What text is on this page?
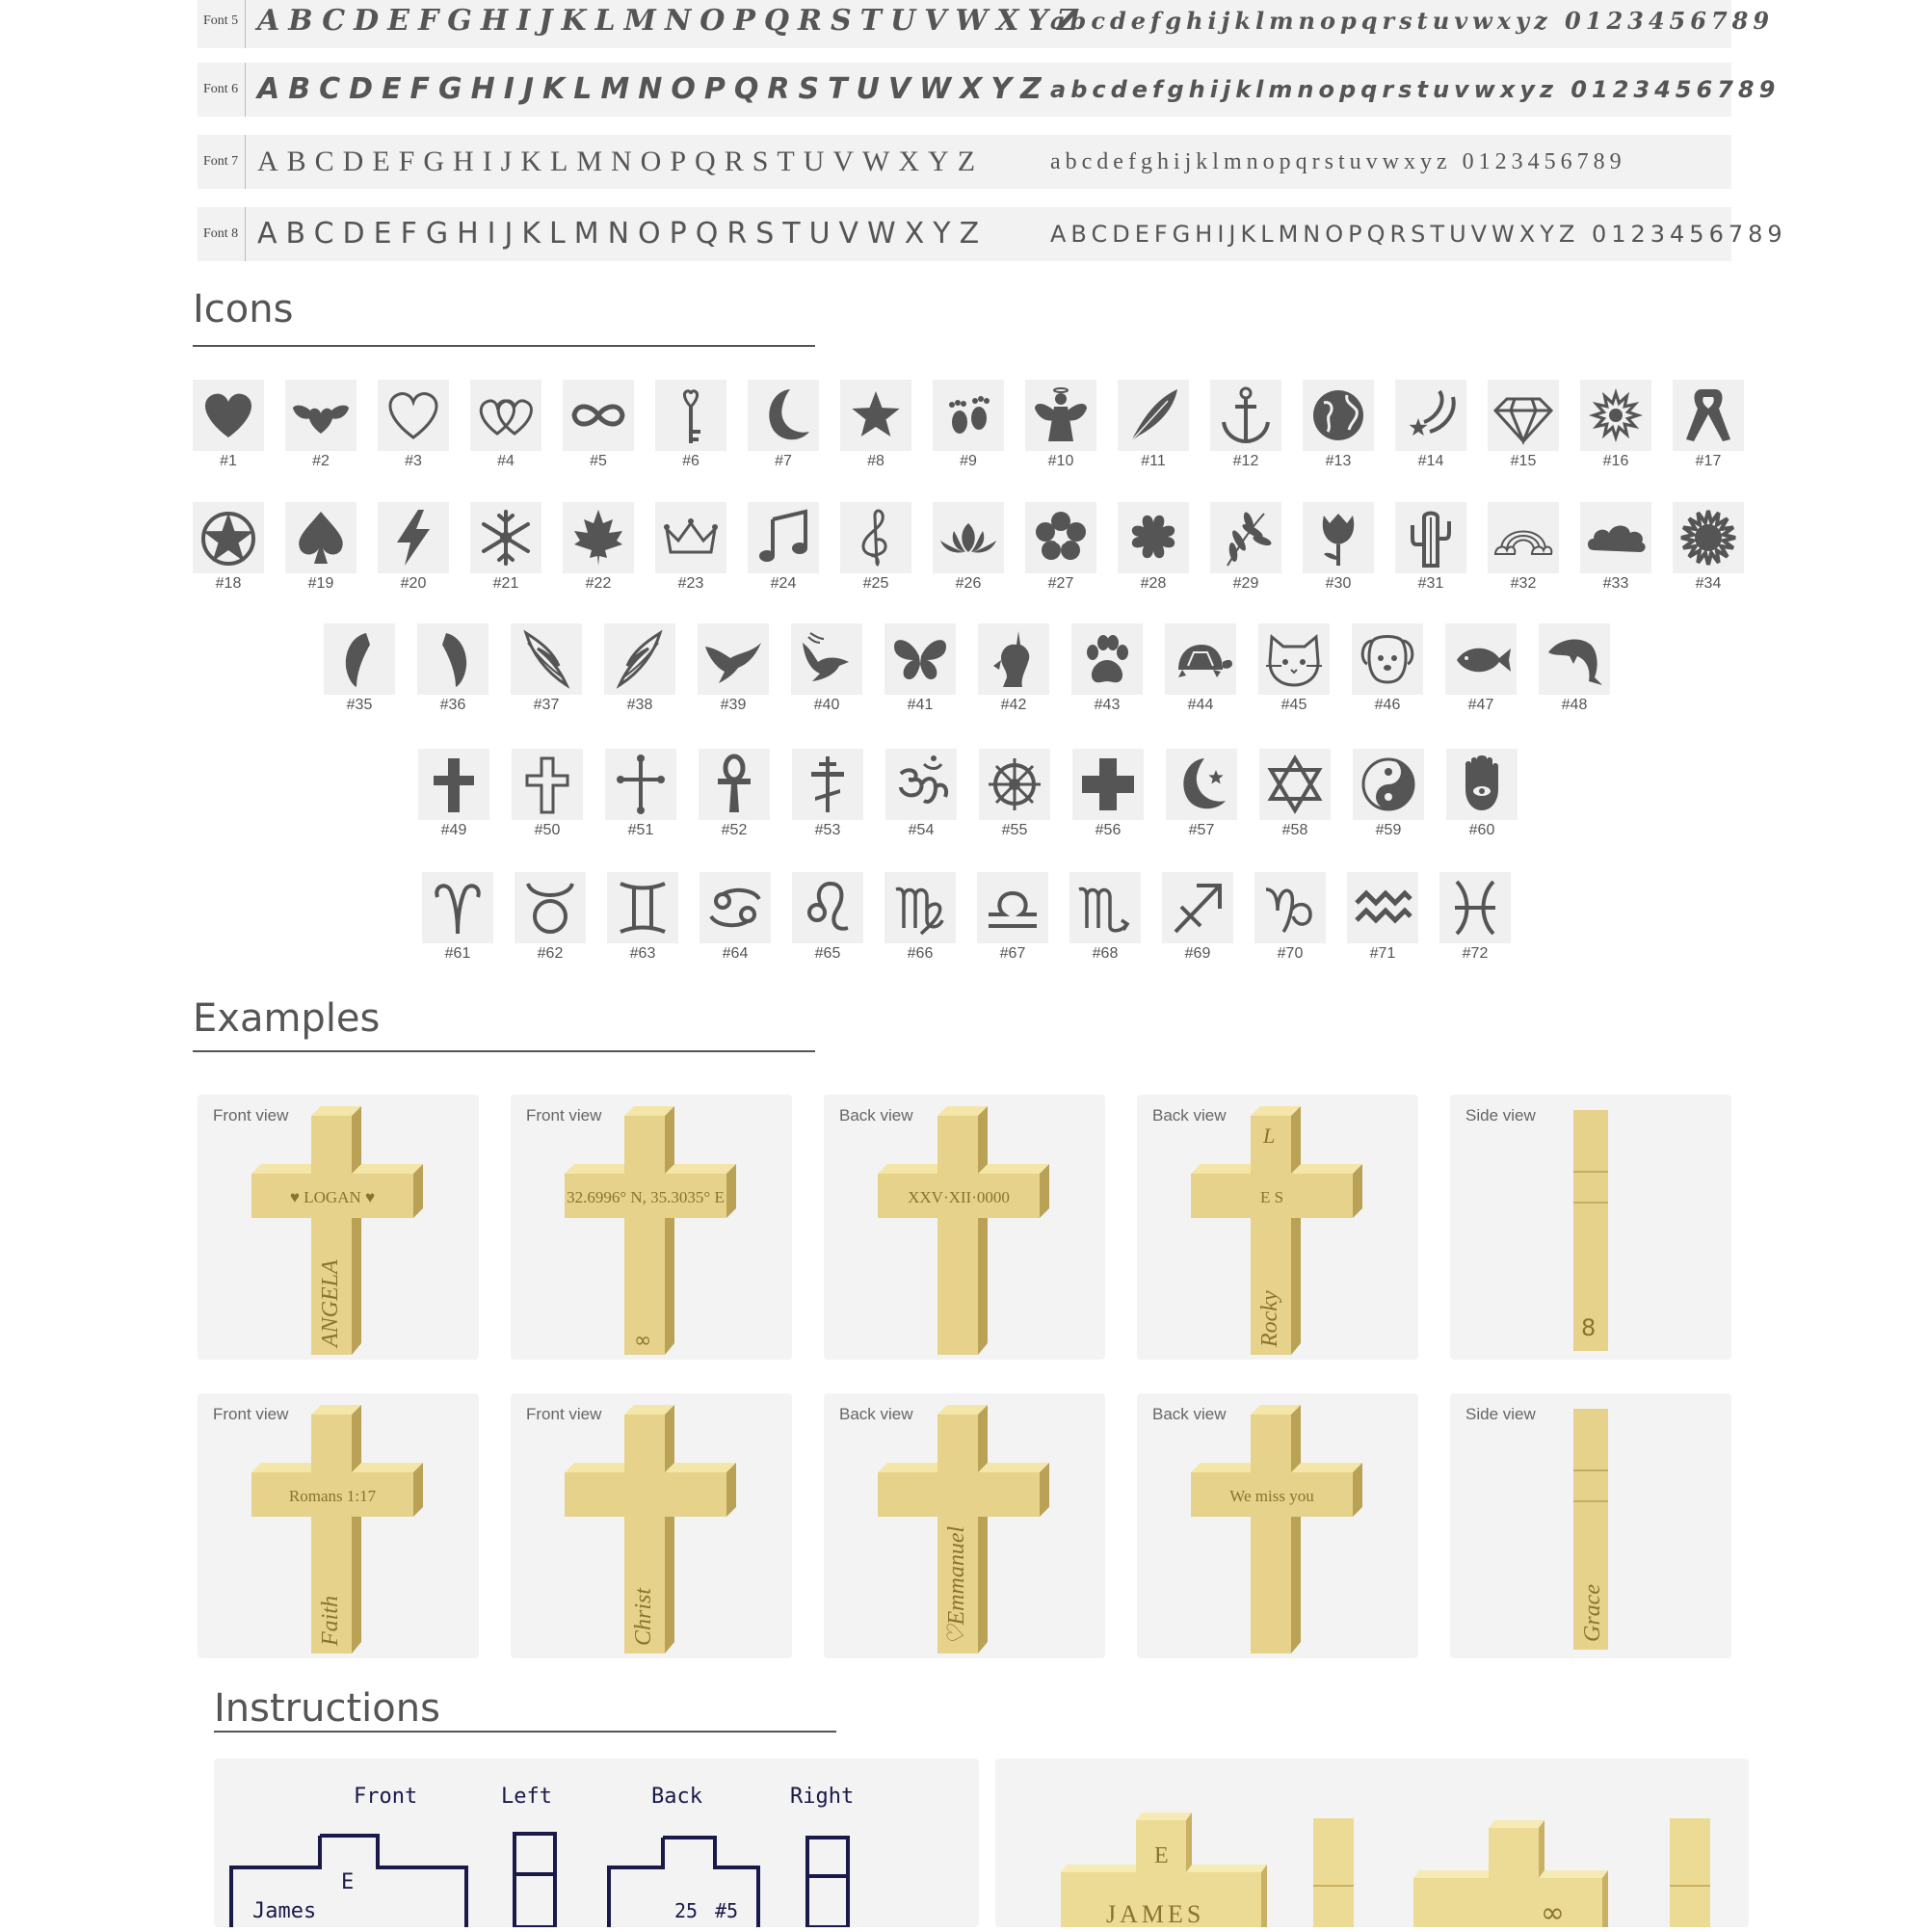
Font 5 ABCDEFGHIJKLMNOPQRSTUVWXYZ
abcdefghijklmnopqrstuvwxyz 0123456789
Font 6 ABCDEFGHIJKLMNOPQRSTUVWXYZ abcdefghijklmnopqrstuvwxyz 0123456789
Font 7 ABCDEFGHIJKLMNOPQRSTUVWXYZ	abcdefghijklmnopqrstuvwxyz 0123456789
Font 8 ABCDEFGHIJKLMNOPQRSTUVWXYZ	ABCDEFGHIJKLMNOPQRSTUVWXYZ 0123456789
Icons
#1	#2	#3	#4	#5	#6	#7	#8	#9	#10	#11	#12	#13	#14	#15	#16	#17
#18	#19	#20	#21	#22	#23	#24	#25	#26	#27	#28	#29	#30	#31	#32	#33	#34
#35	#36	#37	#38	#39	#40	#41	#42	#43	#44	#45	#46	#47	#48
#49	#50	#51	#52	#53	#54	#55	#56	#57	#58	#59	#60
#61	#62	#63	#64	#65	#66	#67	#68	#69	#70	#71	#72
Examples
♥ LOGAN ♥
ANGELA
Front view
32.6996° N, 35.3035° E
∞
Front view
XXV·XII·0000
Back view
E S
Rocky
L
Back view
8
Side view
Romans 1:17
Faith
Front view
Christ
Front view
♡Emmanuel
Back view
We miss you
Back view
Grace
Side view
Instructions
Front	Left	Back	Right
E
James	25 #5
E
JAMES	∞
